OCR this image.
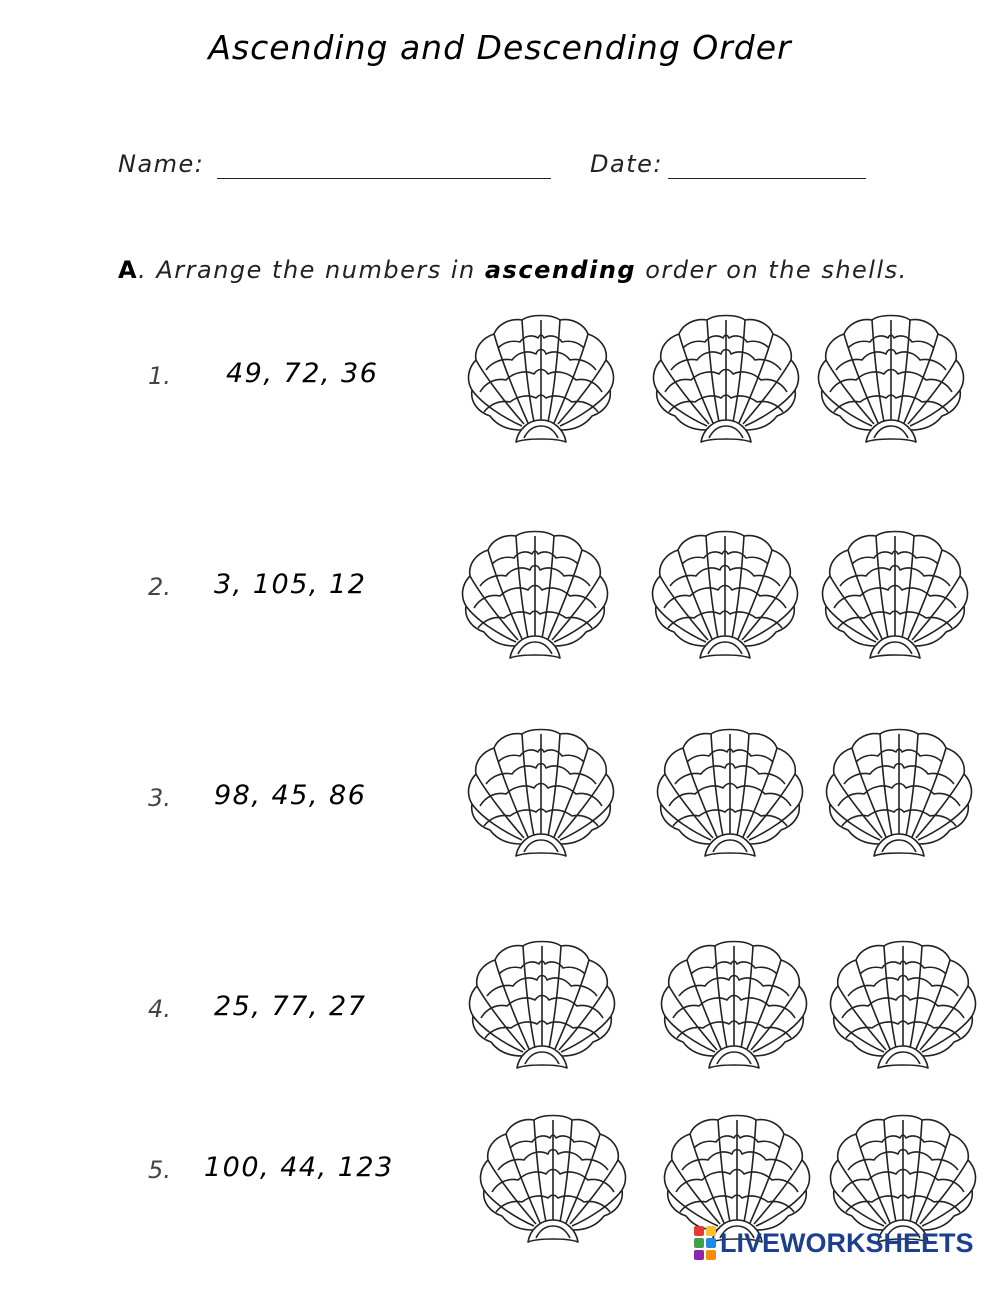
Ascending and Descending Order
Name:	Date:
A. Arrange the numbers in ascending order on the shells.
1. 49, 72, 36
2. 3, 105, 12
3. 98, 45, 86
4. 25, 77, 27
5. 100, 44, 123
LIVEWORKSHEETS
